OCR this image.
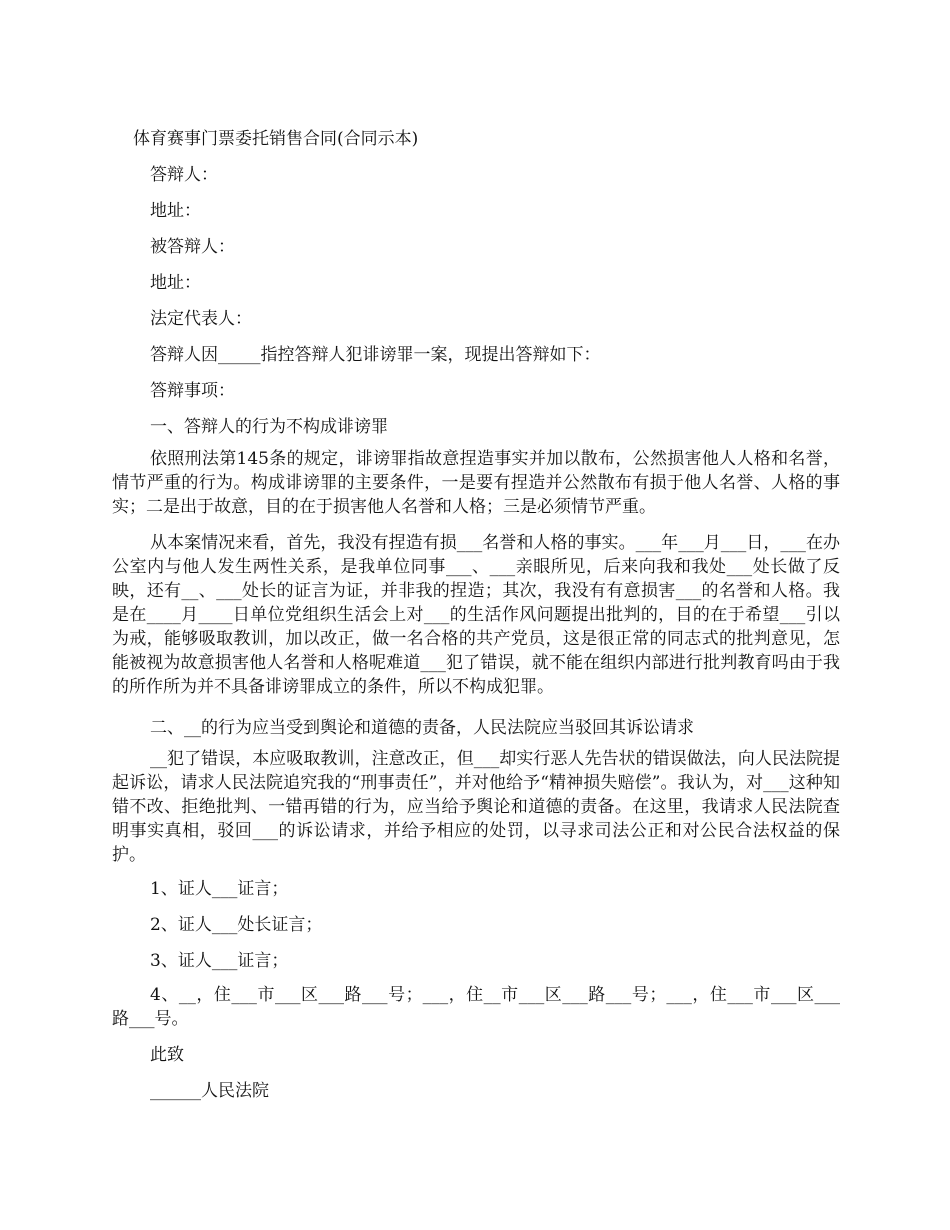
体育赛事门票委托销售合同(合同示本)
答辩人：
地址：
被答辩人：
地址：
法定代表人：
答辩人因_____指控答辩人犯诽谤罪一案，现提出答辩如下：
答辩事项：
一、答辩人的行为不构成诽谤罪
依照刑法第145条的规定，诽谤罪指故意捏造事实并加以散布，公然损害他人人格和名誉，情节严重的行为。构成诽谤罪的主要条件，一是要有捏造并公然散布有损于他人名誉、人格的事实；二是出于故意，目的在于损害他人名誉和人格；三是必须情节严重。
从本案情况来看，首先，我没有捏造有损___名誉和人格的事实。___年___月___日，___在办公室内与他人发生两性关系，是我单位同事___、___亲眼所见，后来向我和我处___处长做了反映，还有__、___处长的证言为证，并非我的捏造；其次，我没有有意损害___的名誉和人格。我是在____月____日单位党组织生活会上对___的生活作风问题提出批判的，目的在于希望___引以为戒，能够吸取教训，加以改正，做一名合格的共产党员，这是很正常的同志式的批判意见，怎能被视为故意损害他人名誉和人格呢难道___犯了错误，就不能在组织内部进行批判教育吗由于我的所作所为并不具备诽谤罪成立的条件，所以不构成犯罪。
二、__的行为应当受到舆论和道德的责备，人民法院应当驳回其诉讼请求
__犯了错误，本应吸取教训，注意改正，但___却实行恶人先告状的错误做法，向人民法院提起诉讼，请求人民法院追究我的“刑事责任”，并对他给予“精神损失赔偿”。我认为，对___这种知错不改、拒绝批判、一错再错的行为，应当给予舆论和道德的责备。在这里，我请求人民法院查明事实真相，驳回___的诉讼请求，并给予相应的处罚，以寻求司法公正和对公民合法权益的保护。
1、证人___证言；
2、证人___处长证言；
3、证人___证言；
4、__，住___市___区___路___号；___，住__市___区___路___号；___，住___市___区___路___号。
此致
______人民法院
